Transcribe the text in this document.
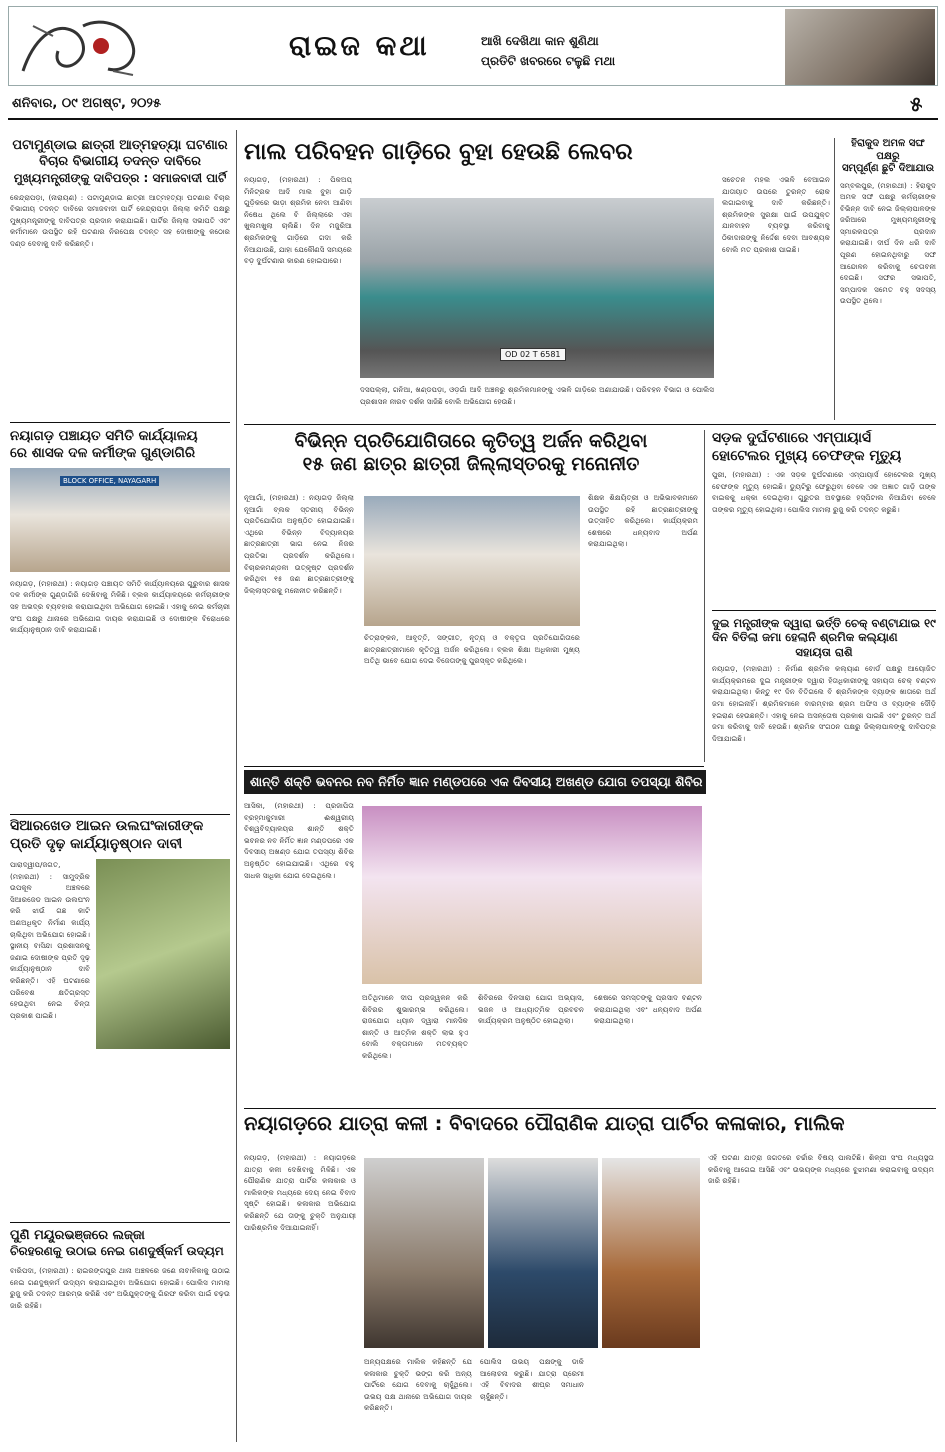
ରାଇଜ କଥା	ଆଖି ଦେଖିଥା କାନ ଶୁଣିଥା
ପ୍ରତିଟି ଖବରରେ ଟଳୁଛି ମଥା
ଶନିବାର, ୦୯ ଅଗଷ୍ଟ, ୨୦୨୫	୫
ପଟାମୁଣ୍ଡାଇ ଛାତ୍ରୀ ଆତ୍ମହତ୍ୟା ଘଟଣାର
ବିଚାର ବିଭାଗୀୟ ତଦନ୍ତ ଦାବିରେ
ମୁଖ୍ୟମନ୍ତ୍ରୀଙ୍କୁ ଦାବିପତ୍ର : ସମାଜବାଦୀ ପାର୍ଟି
କେନ୍ଦ୍ରାପଡ଼ା, (ନାରାୟଣ) : ପଟାମୁଣ୍ଡାଇ ଛାତ୍ରୀ ଆତ୍ମହତ୍ୟା ଘଟଣାର ବିଚାର ବିଭାଗୀୟ ତଦନ୍ତ ଦାବିରେ ସମାଜବାଦୀ ପାର୍ଟି କେନ୍ଦ୍ରାପଡ଼ା ଜିଲ୍ଲା କମିଟି ପକ୍ଷରୁ ମୁଖ୍ୟମନ୍ତ୍ରୀଙ୍କୁ ଦାବିପତ୍ର ପ୍ରଦାନ କରାଯାଇଛି। ପାର୍ଟିର ଜିଲ୍ଲା ସଭାପତି ଏବଂ କର୍ମୀମାନେ ଉପସ୍ଥିତ ରହି ଘଟଣାର ନିରପେକ୍ଷ ତଦନ୍ତ ସହ ଦୋଷୀଙ୍କୁ କଠୋର ଦଣ୍ଡ ଦେବାକୁ ଦାବି କରିଛନ୍ତି।
ନୟାଗଡ଼ ପଞ୍ଚାୟତ ସମିତି କାର୍ଯ୍ୟାଳୟ
ରେ ଶାସକ ଦଳ କର୍ମୀଙ୍କ ଗୁଣ୍ଡାଗିରି
BLOCK OFFICE, NAYAGARH
ନୟାଗଡ଼, (ମହାରଥୀ) : ନୟାଗଡ଼ ପଞ୍ଚାୟତ ସମିତି କାର୍ଯ୍ୟାଳୟରେ ଗୁରୁବାର ଶାସକ ଦଳ କର୍ମୀଙ୍କ ଗୁଣ୍ଡାଗିରି ଦେଖିବାକୁ ମିଳିଛି। ବ୍ଲକ କାର୍ଯ୍ୟାଳୟରେ କର୍ମଚାରୀଙ୍କ ସହ ଅଭଦ୍ର ବ୍ୟବହାର କରାଯାଇଥିବା ଅଭିଯୋଗ ହୋଇଛି। ଏହାକୁ ନେଇ କର୍ମଚାରୀ ସଂଘ ପକ୍ଷରୁ ଥାନାରେ ଅଭିଯୋଗ ଦାୟର କରାଯାଇଛି ଓ ଦୋଷୀଙ୍କ ବିରୋଧରେ କାର୍ଯ୍ୟାନୁଷ୍ଠାନ ଦାବି କରାଯାଇଛି।
ସିଆରଖେଡ ଆଇନ ଉଲଘଂକାରୀଙ୍କ
ପ୍ରତି ଦୃଢ଼ କାର୍ଯ୍ୟାନୁଷ୍ଠାନ ଦାବୀ
ପାରାଦ୍ୱୀପ/ଜଗତ, (ମହାରଥୀ) : ସାମୁଦ୍ରିକ ଉପକୂଳ ଅଞ୍ଚଳରେ ସିଆରଜେଡ ଆଇନ ଉଲଘଂନ କରି ଝାଉଁ ଗଛ କାଟି ଅଣଅଧିକୃତ ନିର୍ମାଣ କାର୍ଯ୍ୟ ଚାଲିଥିବା ଅଭିଯୋଗ ହୋଇଛି। ସ୍ଥାନୀୟ ବାସିନ୍ଦା ପ୍ରଶାସନକୁ ଜଣାଇ ଦୋଷୀଙ୍କ ପ୍ରତି ଦୃଢ଼ କାର୍ଯ୍ୟାନୁଷ୍ଠାନ ଦାବି କରିଛନ୍ତି। ଏହି ଘଟଣାରେ ପରିବେଶ କ୍ଷତିଗ୍ରସ୍ତ ହେଉଥିବା ନେଇ ଚିନ୍ତା ପ୍ରକାଶ ପାଇଛି।
ପୁଣି ମୟୂରଭଞ୍ଜରେ ଲଜ୍ଜା
ଚିରହରଣକୁ ଉଠାଇ ନେଇ ଗଣଦୁର୍ଷ୍କର୍ମ ଉଦ୍ୟମ
ବାରିପଦା, (ମହାରଥୀ) : ରାଇରଙ୍ଗପୁର ଥାନା ଅଞ୍ଚଳରେ ଜଣେ ନାବାଳିକାକୁ ଉଠାଇ ନେଇ ଗଣଦୁଷ୍କର୍ମ ଉଦ୍ୟମ କରାଯାଇଥିବା ଅଭିଯୋଗ ହୋଇଛି। ପୋଲିସ ମାମଲା ରୁଜୁ କରି ତଦନ୍ତ ଆରମ୍ଭ କରିଛି ଏବଂ ଅଭିଯୁକ୍ତଙ୍କୁ ଗିରଫ କରିବା ପାଇଁ ଚଢ଼ଉ ଜାରି ରହିଛି।
ମାଲ ପରିବହନ ଗାଡ଼ିରେ ବୁହା ହେଉଛି ଲେବର
ନୟାଗଡ଼, (ମହାରଥୀ) : ପିକଅପ୍ ମିନିଟ୍ରକ ଆଦି ମାଲ ବୁହା ଗାଡ଼ି ଗୁଡ଼ିକରେ ଭାଡ଼ା ଶ୍ରମିକ ନେବା ଆଣିବା ନିଷେଧ ଥିଲେ ବି ଜିଲ୍ଲାରେ ଏହା ଖୁଲମଖୁଲା ଚାଲିଛି। ଦିନ ମଜୁରିଆ ଶ୍ରମିକଙ୍କୁ ଗାଡ଼ିରେ ଗଦା କରି ନିଆଯାଉଛି, ଯାହା ଯେକୌଣସି ସମୟରେ ବଡ଼ ଦୁର୍ଘଟଣାର କାରଣ ହୋଇପାରେ।
OD 02 T 6581
ଦସପଲ୍ଲା, ଗନିଆ, ଖଣ୍ଡପଡ଼ା, ଓଡ଼ଗାଁ ଆଦି ଅଞ୍ଚଳରୁ ଶ୍ରମିକମାନଙ୍କୁ ଏଭଳି ଗାଡ଼ିରେ ଅଣାଯାଉଛି। ପରିବହନ ବିଭାଗ ଓ ପୋଲିସ ପ୍ରଶାସନ ନୀରବ ଦର୍ଶକ ସାଜିଛି ବୋଲି ଅଭିଯୋଗ ହେଉଛି।
ସଚେତନ ମହଲ ଏଭଳି ବେଆଇନ ଯାତାୟାତ ଉପରେ ତୁରନ୍ତ ରୋକ ଲଗାଇବାକୁ ଦାବି କରିଛନ୍ତି। ଶ୍ରମିକଙ୍କ ସୁରକ୍ଷା ପାଇଁ ଉପଯୁକ୍ତ ଯାନବାହନ ବ୍ୟବସ୍ଥା କରିବାକୁ ଠିକାଦାରଙ୍କୁ ନିର୍ଦ୍ଦେଶ ଦେବା ଆବଶ୍ୟକ ବୋଲି ମତ ପ୍ରକାଶ ପାଇଛି।
ହିରାକୁଦ ଅମଳ ସଙ୍ଘ ପକ୍ଷରୁ
ସମ୍ପୂର୍ଣ୍ଣ ଛୁଟି ଦିଆଯାଉ
ସମ୍ବଲପୁର, (ମହାରଥୀ) : ହିରାକୁଦ ଅମଳ ସଙ୍ଘ ପକ୍ଷରୁ କର୍ମଚାରୀଙ୍କ ବିଭିନ୍ନ ଦାବି ନେଇ ଜିଲ୍ଲାପାଳଙ୍କ ଜରିଆରେ ମୁଖ୍ୟମନ୍ତ୍ରୀଙ୍କୁ ସ୍ମାରକପତ୍ର ପ୍ରଦାନ କରାଯାଇଛି। ଦୀର୍ଘ ଦିନ ଧରି ଦାବି ପୂରଣ ହୋଇନଥିବାରୁ ସଙ୍ଘ ଆନ୍ଦୋଳନ କରିବାକୁ ଚେତାବନୀ ଦେଇଛି। ସଙ୍ଘର ସଭାପତି, ସମ୍ପାଦକ ସମେତ ବହୁ ସଦସ୍ୟ ଉପସ୍ଥିତ ଥିଲେ।
ବିଭିନ୍ନ ପ୍ରତିଯୋଗିତାରେ କୃତିତ୍ୱ ଅର୍ଜନ କରିଥିବା
୧୫ ଜଣ ଛାତ୍ର ଛାତ୍ରୀ ଜିଲ୍ଲାସ୍ତରକୁ ମନୋନୀତ
ନୂଆଗାଁ, (ମହାରଥୀ) : ନୟାଗଡ଼ ଜିଲ୍ଲା ନୂଆଗାଁ ବ୍ଲକ ସ୍ତରୀୟ ବିଭିନ୍ନ ପ୍ରତିଯୋଗିତା ଅନୁଷ୍ଠିତ ହୋଇଯାଇଛି। ଏଥିରେ ବିଭିନ୍ନ ବିଦ୍ୟାଳୟର ଛାତ୍ରଛାତ୍ରୀ ଭାଗ ନେଇ ନିଜର ପ୍ରତିଭା ପ୍ରଦର୍ଶନ କରିଥିଲେ। ବିଚାରକମଣ୍ଡଳୀ ଉତ୍କୃଷ୍ଟ ପ୍ରଦର୍ଶନ କରିଥିବା ୧୫ ଜଣ ଛାତ୍ରଛାତ୍ରୀଙ୍କୁ ଜିଲ୍ଲାସ୍ତରକୁ ମନୋନୀତ କରିଛନ୍ତି।
ଚିତ୍ରାଙ୍କନ, ଆବୃତ୍ତି, ସଙ୍ଗୀତ, ନୃତ୍ୟ ଓ ବକ୍ତୃତା ପ୍ରତିଯୋଗିତାରେ ଛାତ୍ରଛାତ୍ରୀମାନେ କୃତିତ୍ୱ ଅର୍ଜନ କରିଥିଲେ। ବ୍ଲକ ଶିକ୍ଷା ଅଧିକାରୀ ମୁଖ୍ୟ ଅତିଥି ଭାବେ ଯୋଗ ଦେଇ ବିଜେତାଙ୍କୁ ପୁରସ୍କୃତ କରିଥିଲେ।
ଶିକ୍ଷକ ଶିକ୍ଷୟିତ୍ରୀ ଓ ଅଭିଭାବକମାନେ ଉପସ୍ଥିତ ରହି ଛାତ୍ରଛାତ୍ରୀଙ୍କୁ ଉତ୍ସାହିତ କରିଥିଲେ। କାର୍ଯ୍ୟକ୍ରମ ଶେଷରେ ଧନ୍ୟବାଦ ଅର୍ପଣ କରାଯାଇଥିଲା।
ସଡ଼କ ଦୁର୍ଘଟଣାରେ ଏମ୍ପାୟାର୍ସ
ହୋଟେଲର ମୁଖ୍ୟ ଚେଫଙ୍କ ମୃତ୍ୟୁ
ପୁରୀ, (ମହାରଥୀ) : ଏକ ସଡ଼କ ଦୁର୍ଘଟଣାରେ ଏମ୍ପାୟାର୍ସ ହୋଟେଲର ମୁଖ୍ୟ ଚେଫଙ୍କ ମୃତ୍ୟୁ ହୋଇଛି। ଡ୍ୟୁଟିରୁ ଫେରୁଥିବା ବେଳେ ଏକ ଅଜ୍ଞାତ ଗାଡ଼ି ତାଙ୍କ ବାଇକକୁ ଧକ୍କା ଦେଇଥିଲା। ଗୁରୁତର ଅବସ୍ଥାରେ ହସ୍ପିଟାଲ ନିଆଯିବା ବେଳେ ତାଙ୍କର ମୃତ୍ୟୁ ହୋଇଥିଲା। ପୋଲିସ ମାମଲା ରୁଜୁ କରି ତଦନ୍ତ କରୁଛି।
ଦୁଇ ମନ୍ତ୍ରୀଙ୍କ ଦ୍ୱାରା ଭର୍ତ୍ତି ଚେକ୍ ବଣ୍ଟାଯାଇ ୧୯
ଦିନ ବିତିଲା ଜମା ହେଲାନି ଶ୍ରମିକ କଲ୍ୟାଣ
ସହାୟତା ରାଶି
ନୟାଗଡ଼, (ମହାରଥୀ) : ନିର୍ମାଣ ଶ୍ରମିକ କଲ୍ୟାଣ ବୋର୍ଡ ପକ୍ଷରୁ ଆୟୋଜିତ କାର୍ଯ୍ୟକ୍ରମରେ ଦୁଇ ମନ୍ତ୍ରୀଙ୍କ ଦ୍ୱାରା ହିତାଧିକାରୀଙ୍କୁ ସହାୟତା ଚେକ୍ ବଣ୍ଟନ କରାଯାଇଥିଲା। କିନ୍ତୁ ୧୯ ଦିନ ବିତିଗଲେ ବି ଶ୍ରମିକଙ୍କ ବ୍ୟାଙ୍କ ଖାତାରେ ଅର୍ଥ ଜମା ହୋଇନାହିଁ। ଶ୍ରମିକମାନେ ବାରମ୍ବାର ଶ୍ରମ ଅଫିସ ଓ ବ୍ୟାଙ୍କ ଦୌଡ଼ି ହଇରାଣ ହେଉଛନ୍ତି। ଏହାକୁ ନେଇ ଅସନ୍ତୋଷ ପ୍ରକାଶ ପାଇଛି ଏବଂ ତୁରନ୍ତ ଅର୍ଥ ଜମା କରିବାକୁ ଦାବି ହେଉଛି। ଶ୍ରମିକ ସଂଗଠନ ପକ୍ଷରୁ ଜିଲ୍ଲାପାଳଙ୍କୁ ଦାବିପତ୍ର ଦିଆଯାଇଛି।
ଶାନ୍ତି ଶକ୍ତି ଭବନର ନବ ନିର୍ମିତ ଜ୍ଞାନ ମଣ୍ଡପରେ ଏକ ଦିବସୀୟ ଅଖଣ୍ଡ ଯୋଗ ତପସ୍ୟା ଶିବିର
ଆସିକା, (ମହାରଥୀ) : ପ୍ରଜାପିତା ବ୍ରହ୍ମାକୁମାରୀ ଈଶ୍ୱରୀୟ ବିଶ୍ୱବିଦ୍ୟାଳୟର ଶାନ୍ତି ଶକ୍ତି ଭବନର ନବ ନିର୍ମିତ ଜ୍ଞାନ ମଣ୍ଡପରେ ଏକ ଦିବସୀୟ ଅଖଣ୍ଡ ଯୋଗ ତପସ୍ୟା ଶିବିର ଅନୁଷ୍ଠିତ ହୋଇଯାଇଛି। ଏଥିରେ ବହୁ ସାଧକ ସାଧିକା ଯୋଗ ଦେଇଥିଲେ।
ଅତିଥିମାନେ ଦୀପ ପ୍ରଜ୍ୱଳନ କରି ଶିବିରର ଶୁଭାରମ୍ଭ କରିଥିଲେ। ରାଜଯୋଗ ଧ୍ୟାନ ଦ୍ୱାରା ମାନସିକ ଶାନ୍ତି ଓ ଆତ୍ମିକ ଶକ୍ତି ଲାଭ ହୁଏ ବୋଲି ବକ୍ତାମାନେ ମତବ୍ୟକ୍ତ କରିଥିଲେ।
ଶିବିରରେ ଦିନସାରା ଯୋଗ ଅଭ୍ୟାସ, ଭଜନ ଓ ଆଧ୍ୟାତ୍ମିକ ପ୍ରବଚନ କାର୍ଯ୍ୟକ୍ରମ ଅନୁଷ୍ଠିତ ହୋଇଥିଲା।
ଶେଷରେ ସମସ୍ତଙ୍କୁ ପ୍ରସାଦ ବଣ୍ଟନ କରାଯାଇଥିଲା ଏବଂ ଧନ୍ୟବାଦ ଅର୍ପଣ କରାଯାଇଥିଲା।
ନୟାଗଡ଼ରେ ଯାତ୍ରା କଳୀ : ବିବାଦରେ ପୌରାଣିକ ଯାତ୍ରା ପାର୍ଟିର କଳାକାର, ମାଲିକ
ନୟାଗଡ଼, (ମହାରଥୀ) : ନୟାଗଡ଼ରେ ଯାତ୍ରା କଳୀ ଦେଖିବାକୁ ମିଳିଛି। ଏକ ପୌରାଣିକ ଯାତ୍ରା ପାର୍ଟିର କଳାକାର ଓ ମାଲିକଙ୍କ ମଧ୍ୟରେ ଦେୟ ନେଇ ବିବାଦ ସୃଷ୍ଟି ହୋଇଛି। କଳାକାର ଅଭିଯୋଗ କରିଛନ୍ତି ଯେ ତାଙ୍କୁ ଚୁକ୍ତି ଅନୁଯାୟୀ ପାରିଶ୍ରମିକ ଦିଆଯାଇନାହିଁ।
ଅନ୍ୟପକ୍ଷରେ ମାଲିକ କହିଛନ୍ତି ଯେ କଳାକାର ଚୁକ୍ତି ଭଙ୍ଗ କରି ଅନ୍ୟ ପାର୍ଟିରେ ଯୋଗ ଦେବାକୁ ଚାହୁଁଥିଲେ। ଉଭୟ ପକ୍ଷ ଥାନାରେ ଅଭିଯୋଗ ଦାୟର କରିଛନ୍ତି।
ପୋଲିସ ଉଭୟ ପକ୍ଷଙ୍କୁ ଡାକି ଆଲୋଚନା କରୁଛି। ଯାତ୍ରା ପ୍ରେମୀ ଏହି ବିବାଦର ଶୀଘ୍ର ସମାଧାନ ଚାହୁଁଛନ୍ତି।
ଏହି ଘଟଣା ଯାତ୍ରା ଜଗତରେ ଚର୍ଚ୍ଚାର ବିଷୟ ପାଲଟିଛି। ଶିଳ୍ପୀ ସଂଘ ମଧ୍ୟସ୍ଥତା କରିବାକୁ ଆଗେଇ ଆସିଛି ଏବଂ ଉଭୟଙ୍କ ମଧ୍ୟରେ ବୁଝାମଣା କରାଇବାକୁ ଉଦ୍ୟମ ଜାରି ରହିଛି।
